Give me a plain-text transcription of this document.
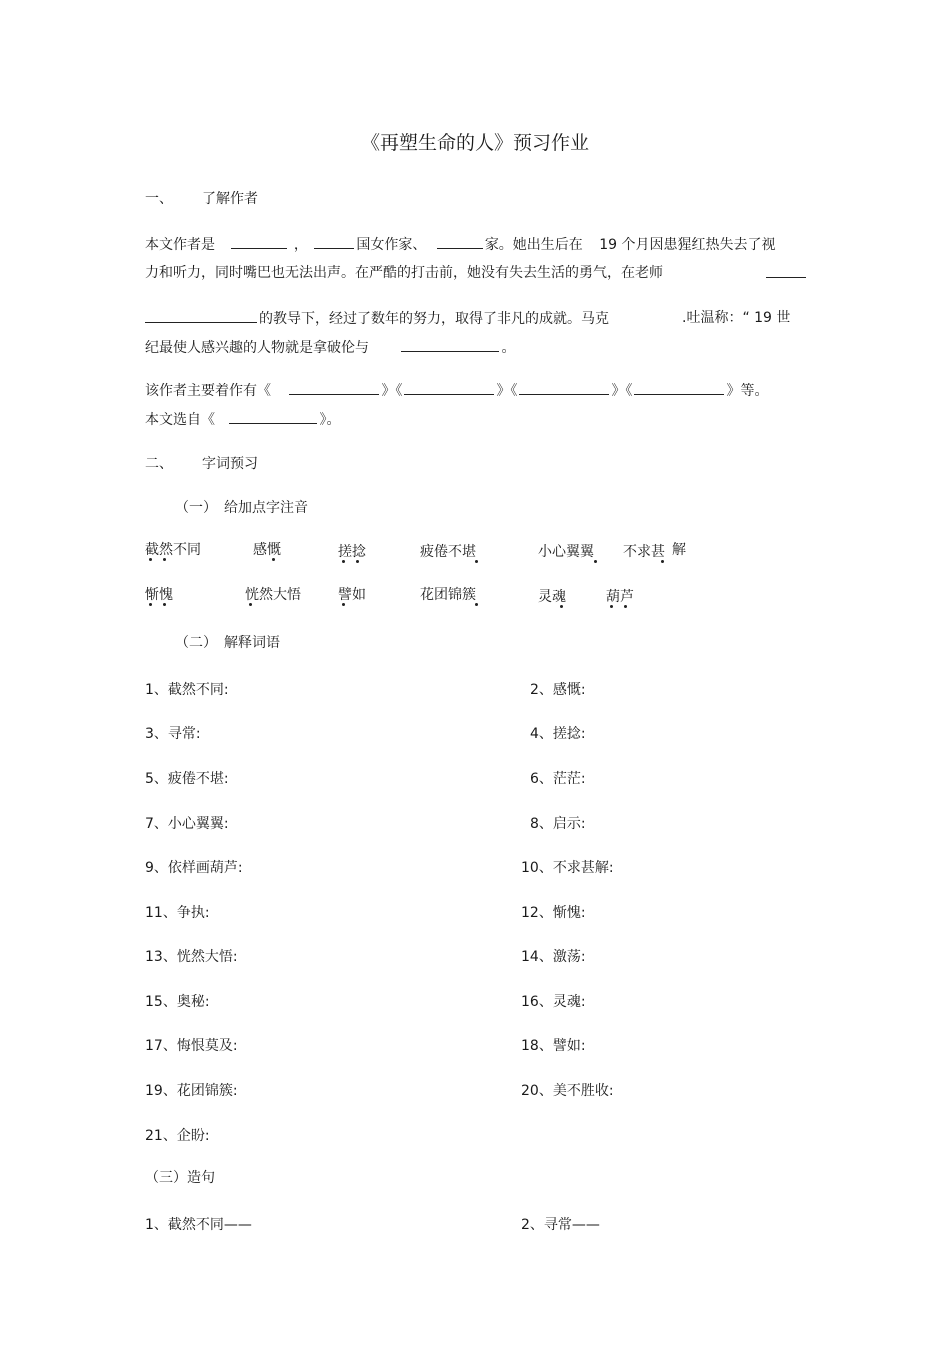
《再塑生命的人》预习作业
一、 了解作者
本文作者是	，	国女作家、	家。她出生后在 19 个月因患猩红热失去了视
力和听力，同时嘴巴也无法出声。在严酷的打击前，她没有失去生活的勇气，在老师
的教导下，经过了数年的努力，取得了非凡的成就。马克	.吐温称：“ 19 世
纪最使人感兴趣的人物就是拿破伦与	。
该作者主要着作有《	》《	》《	》《	》等。
本文选自《	》。
二、 字词预习
（一） 给加点字注音
截然不同	感慨	搓捻	疲倦不堪	小心翼翼 不求甚 解
惭愧	恍然大悟	譬如	花团锦簇	灵魂	葫芦
（二） 解释词语
1、截然不同:	2、感慨:
3、寻常:	4、搓捻:
5、疲倦不堪:	6、茫茫:
7、小心翼翼:	8、启示:
9、依样画葫芦:	10、不求甚解:
11、争执:	12、惭愧:
13、恍然大悟:	14、激荡:
15、奥秘:	16、灵魂:
17、悔恨莫及:	18、譬如:
19、花团锦簇:	20、美不胜收:
21、企盼:
（三）造句
1、截然不同——	2、寻常——
